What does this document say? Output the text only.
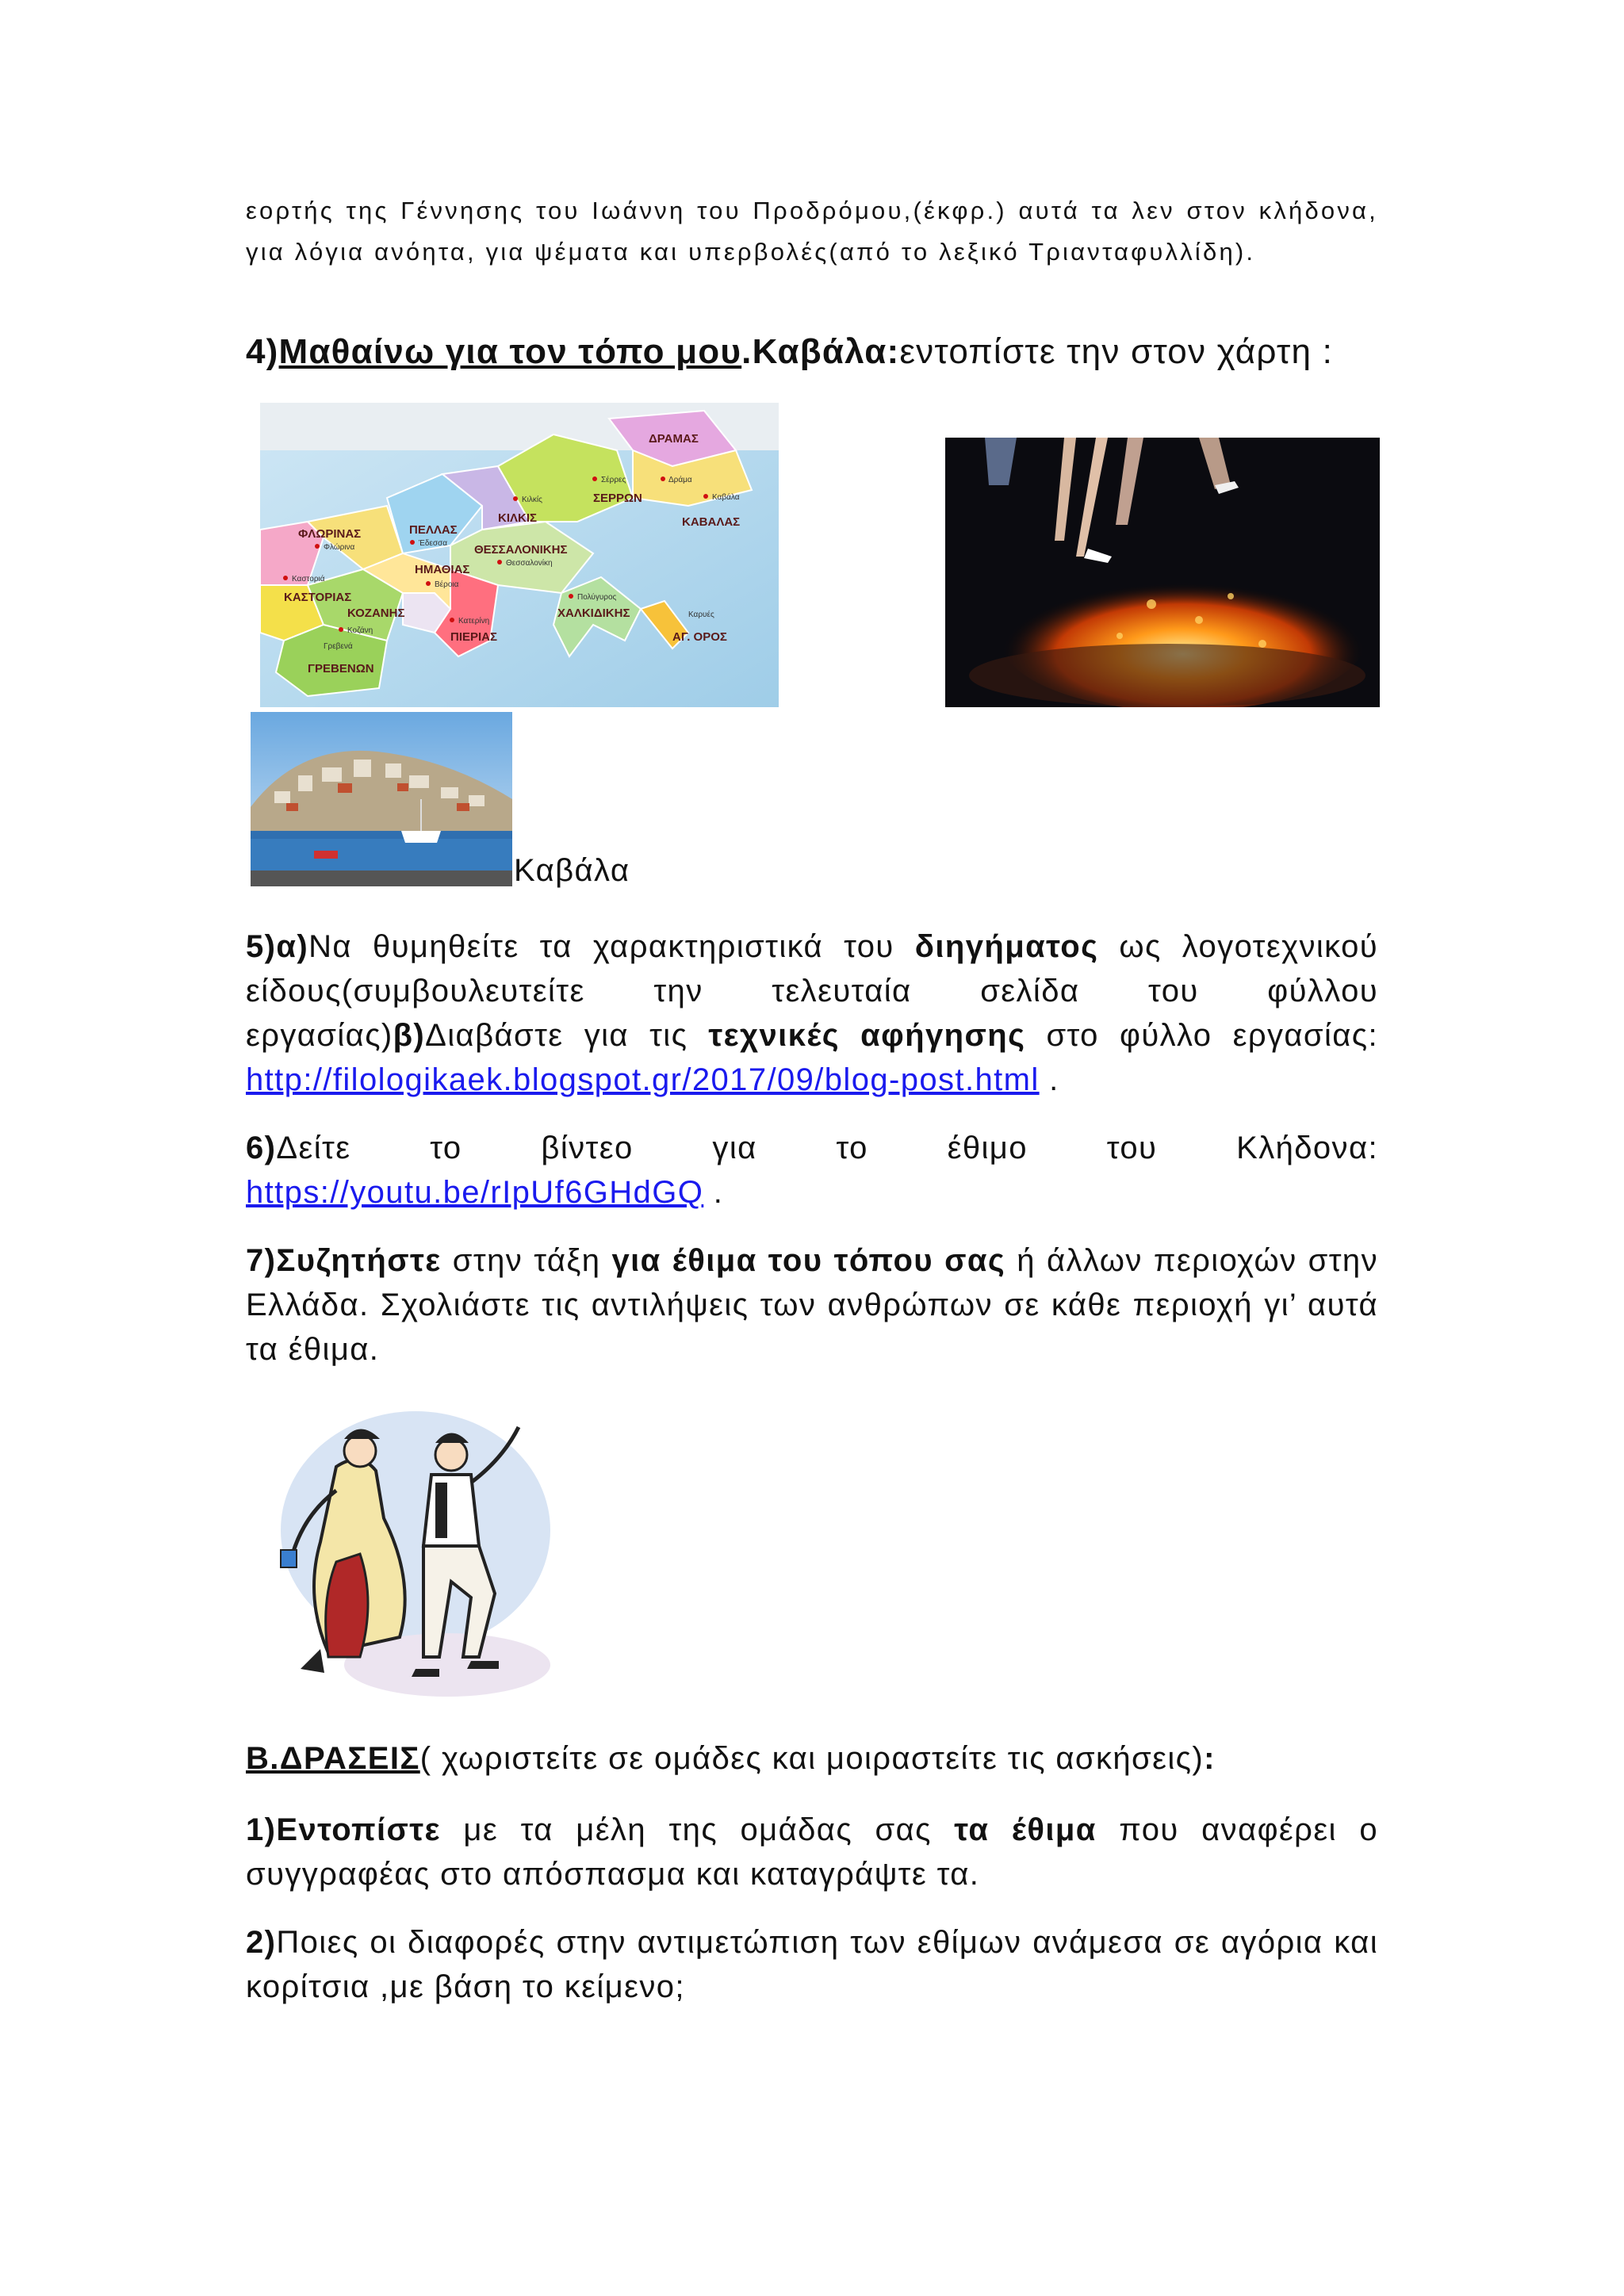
εορτής της Γέννησης του Ιωάννη του Προδρόμου,(έκφρ.) αυτά τα λεν στον κλήδονα, για λόγια ανόητα, για ψέματα και υπερβολές(από το λεξικό Τριανταφυλλίδη).
4)Μαθαίνω για τον τόπο μου.Καβάλα:εντοπίστε την στον χάρτη :
ΔΡΑΜΑΣ
ΣΕΡΡΩΝ
ΚΑΒΑΛΑΣ
ΚΙΛΚΙΣ
ΠΕΛΛΑΣ
ΦΛΩΡΙΝΑΣ
ΘΕΣΣΑΛΟΝΙΚΗΣ
ΗΜΑΘΙΑΣ
ΚΑΣΤΟΡΙΑΣ
ΚΟΖΑΝΗΣ
ΠΙΕΡΙΑΣ
ΧΑΛΚΙΔΙΚΗΣ
ΑΓ. ΟΡΟΣ
ΓΡΕΒΕΝΩΝ
Σέρρες	Δράμα
Καβάλα
Κιλκίς
Έδεσσα
Φλώρινα
Θεσσαλονίκη
Βέροια
Καστοριά
Κοζάνη
Κατερίνη
Πολύγυρος
Καρυές
Γρεβενά
Καβάλα
5)α)Να θυμηθείτε τα χαρακτηριστικά του διηγήματος ως λογοτεχνικού είδους(συμβουλευτείτε την τελευταία σελίδα του φύλλου εργασίας)β)Διαβάστε για τις τεχνικές αφήγησης στο φύλλο εργασίας: http://filologikaek.blogspot.gr/2017/09/blog-post.html .
6)Δείτε το βίντεο για το έθιμο του Κλήδονα:
https://youtu.be/rIpUf6GHdGQ .
7)Συζητήστε στην τάξη για έθιμα του τόπου σας ή άλλων περιοχών στην Ελλάδα. Σχολιάστε τις αντιλήψεις των ανθρώπων σε κάθε περιοχή γι’ αυτά τα έθιμα.
Β.ΔΡΑΣΕΙΣ( χωριστείτε σε ομάδες και μοιραστείτε τις ασκήσεις):
1)Εντοπίστε με τα μέλη της ομάδας σας τα έθιμα που αναφέρει ο συγγραφέας στο απόσπασμα και καταγράψτε τα.
2)Ποιες οι διαφορές στην αντιμετώπιση των εθίμων ανάμεσα σε αγόρια και κορίτσια ,με βάση το κείμενο;
